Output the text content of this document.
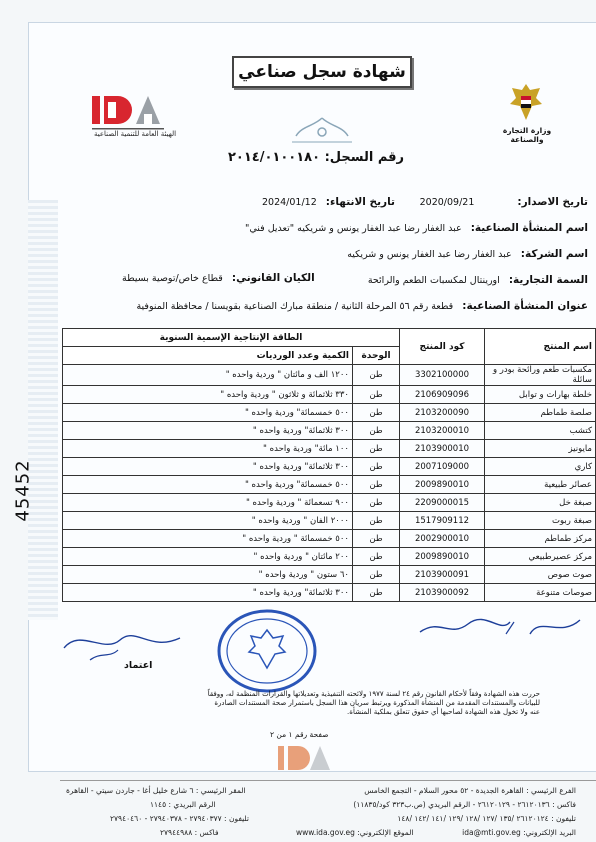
45452
الهيئة العامة للتنمية الصناعية	وزارة التجارة والصناعة
شهادة سجل صناعي
رقم السجل: ٢٠١٤/٠١٠٠١٨٠
تاريخ الاصدار: 2020/09/21
تاريخ الانتهاء: 2024/01/12
اسم المنشأة الصناعية: عبد الغفار رضا عبد الغفار يونس و شريكيه "تعديل فني"
اسم الشركة: عبد الغفار رضا عبد الغفار يونس و شريكيه
السمة التجارية: اورينتال لمكسبات الطعم والرائحة
الكيان القانوني: قطاع خاص/توصية بسيطة
عنوان المنشأة الصناعية: قطعة رقم ٥٦ المرحلة الثانية / منطقة مبارك الصناعية بقويسنا / محافظة المنوفية
اسم المنتج	كود المنتج	الطاقة الإنتاجية الإسمية السنوية	
		الوحدة	الكمية وعدد الورديات
مكسبات طعم ورائحة بودر و سائلة	3302100000	طن	١٢٠٠ الف و مائتان " وردية واحده "
خلطة بهارات و توابل	2106909096	طن	٣٣٠ ثلاثمائة و ثلاثون " وردية واحده "
صلصة طماطم	2103200090	طن	٥٠٠ خمسمائة" وردية واحده "
كتشب	2103200010	طن	٣٠٠ ثلاثمائة" وردية واحده "
مايونيز	2103900010	طن	١٠٠ مائة" وردية واحده "
كاري	2007109000	طن	٣٠٠ ثلاثمائة" وردية واحده "
عصائر طبيعية	2009890010	طن	٥٠٠ خمسمائة" وردية واحده "
صبغة خل	2209000015	طن	٩٠٠ تسعمائة " وردية واحده "
صبغة ربوت	1517909112	طن	٢٠٠٠ الفان " وردية واحده "
مركز طماطم	2002900010	طن	٥٠٠ خمسمائة " وردية واحده "
مركز عصيرطبيعي	2009890010	طن	٢٠٠ مائتان " وردية واحده "
صوت صوص	2103900091	طن	٦٠ ستون " وردية واحده "
صوصات متنوعة	2103900092	طن	٣٠٠ ثلاثمائة" وردية واحده "
اعتماد
حررت هذه الشهادة وفقاً لأحكام القانون رقم ٢٤ لسنة ١٩٧٧ ولائحته التنفيذية وتعديلاتها والقرارات المنظمة له، ووفقاً
للبيانات والمستندات المقدمة من المنشأة المذكورة ويرتبط سريان هذا السجل باستمرار صحة المستندات الصادرة
عنه ولا تخول هذه الشهادة لصاحبها أي حقوق تتعلق بملكية المنشأة.
صفحة رقم ١ من ٢
الفرع الرئيسي : القاهرة الجديدة - ٥٢ محور السلام - التجمع الخامس
فاكس : ٢٦١٢٠١٣٦ - ٢٦١٢٠١٢٩ - الرقم البريدي (ص.ب٣٢٣ كود/١١٨٣٥)
تليفون : ٢٦١٢٠١٢٤ /١٣٥ /١٢٧ /١٢٨ /١٢٩ /١٤١ /١٤٢ /١٤٨
البريد الإلكتروني: ida@mti.gov.eg
المقر الرئيسي : ٦ شارع خليل أغا - جاردن سيتي - القاهرة
الرقم البريدي : ١١٤٥
تليفون : ٢٧٩٤٠٣٧٧ - ٢٧٩٤٠٣٧٨ - ٢٧٩٤٠٤٦٠
فاكس : ٢٧٩٤٤٩٨٨	الموقع الإلكتروني: www.ida.gov.eg
